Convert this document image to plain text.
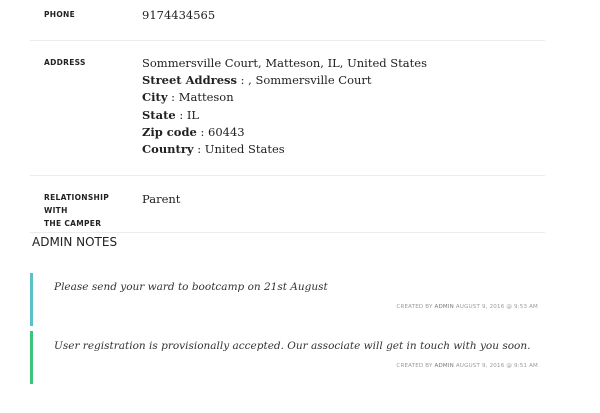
PHONE	9174434565
ADDRESS	Sommersville Court, Matteson, IL, United States
Street Address : , Sommersville Court
City : Matteson
State : IL
Zip code : 60443
Country : United States
RELATIONSHIP WITH
THE CAMPER
Parent
ADMIN NOTES
Please send your ward to bootcamp on 21st August
CREATED BY ADMIN AUGUST 9, 2016 @ 9:53 AM
User registration is provisionally accepted. Our associate will get in touch with you soon.
CREATED BY ADMIN AUGUST 9, 2016 @ 9:51 AM
